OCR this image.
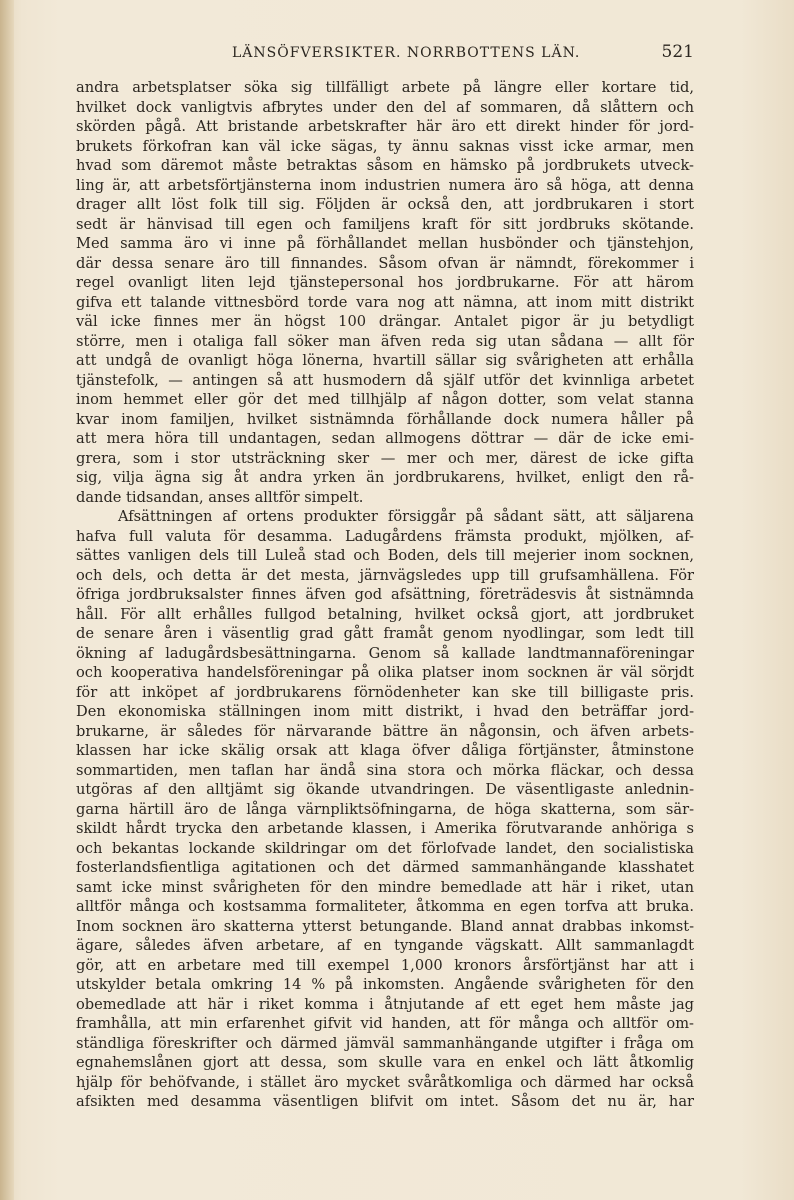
LÄNSÖFVERSIKTER. NORRBOTTENS LÄN.	521
andra arbetsplatser söka sig tillfälligt arbete på längre eller kortare tid,
hvilket dock vanligtvis afbrytes under den del af sommaren, då slåttern och
skörden pågå. Att bristande arbetskrafter här äro ett direkt hinder för jord-
brukets förkofran kan väl icke sägas, ty ännu saknas visst icke armar, men
hvad som däremot måste betraktas såsom en hämsko på jordbrukets utveck-
ling är, att arbetsförtjänsterna inom industrien numera äro så höga, att denna
drager allt löst folk till sig. Följden är också den, att jordbrukaren i stort
sedt är hänvisad till egen och familjens kraft för sitt jordbruks skötande.
Med samma äro vi inne på förhållandet mellan husbönder och tjänstehjon,
där dessa senare äro till finnandes. Såsom ofvan är nämndt, förekommer i
regel ovanligt liten lejd tjänstepersonal hos jordbrukarne. För att härom
gifva ett talande vittnesbörd torde vara nog att nämna, att inom mitt distrikt
väl icke finnes mer än högst 100 drängar. Antalet pigor är ju betydligt
större, men i otaliga fall söker man äfven reda sig utan sådana — allt för
att undgå de ovanligt höga lönerna, hvartill sällar sig svårigheten att erhålla
tjänstefolk, — antingen så att husmodern då själf utför det kvinnliga arbetet
inom hemmet eller gör det med tillhjälp af någon dotter, som velat stanna
kvar inom familjen, hvilket sistnämnda förhållande dock numera håller på
att mera höra till undantagen, sedan allmogens döttrar — där de icke emi-
grera, som i stor utsträckning sker — mer och mer, därest de icke gifta
sig, vilja ägna sig åt andra yrken än jordbrukarens, hvilket, enligt den rå-
dande tidsandan, anses alltför simpelt.
Afsättningen af ortens produkter försiggår på sådant sätt, att säljarena
hafva full valuta för desamma. Ladugårdens främsta produkt, mjölken, af-
sättes vanligen dels till Luleå stad och Boden, dels till mejerier inom socknen,
och dels, och detta är det mesta, järnvägsledes upp till grufsamhällena. För
öfriga jordbruksalster finnes äfven god afsättning, företrädesvis åt sistnämnda
håll. För allt erhålles fullgod betalning, hvilket också gjort, att jordbruket
de senare åren i väsentlig grad gått framåt genom nyodlingar, som ledt till
ökning af ladugårdsbesättningarna. Genom så kallade landtmannaföreningar
och kooperativa handelsföreningar på olika platser inom socknen är väl sörjdt
för att inköpet af jordbrukarens förnödenheter kan ske till billigaste pris.
Den ekonomiska ställningen inom mitt distrikt, i hvad den beträffar jord-
brukarne, är således för närvarande bättre än någonsin, och äfven arbets-
klassen har icke skälig orsak att klaga öfver dåliga förtjänster, åtminstone
sommartiden, men taflan har ändå sina stora och mörka fläckar, och dessa
utgöras af den alltjämt sig ökande utvandringen. De väsentligaste anlednin-
garna härtill äro de långa värnpliktsöfningarna, de höga skatterna, som sär-
skildt hårdt trycka den arbetande klassen, i Amerika förutvarande anhöriga s
och bekantas lockande skildringar om det förlofvade landet, den socialistiska
fosterlandsfientliga agitationen och det därmed sammanhängande klasshatet
samt icke minst svårigheten för den mindre bemedlade att här i riket, utan
alltför många och kostsamma formaliteter, åtkomma en egen torfva att bruka.
Inom socknen äro skatterna ytterst betungande. Bland annat drabbas inkomst-
ägare, således äfven arbetare, af en tyngande vägskatt. Allt sammanlagdt
gör, att en arbetare med till exempel 1,000 kronors årsförtjänst har att i
utskylder betala omkring 14 % på inkomsten. Angående svårigheten för den
obemedlade att här i riket komma i åtnjutande af ett eget hem måste jag
framhålla, att min erfarenhet gifvit vid handen, att för många och alltför om-
ständliga föreskrifter och därmed jämväl sammanhängande utgifter i fråga om
egnahemslånen gjort att dessa, som skulle vara en enkel och lätt åtkomlig
hjälp för behöfvande, i stället äro mycket svåråtkomliga och därmed har också
afsikten med desamma väsentligen blifvit om intet. Såsom det nu är, har
